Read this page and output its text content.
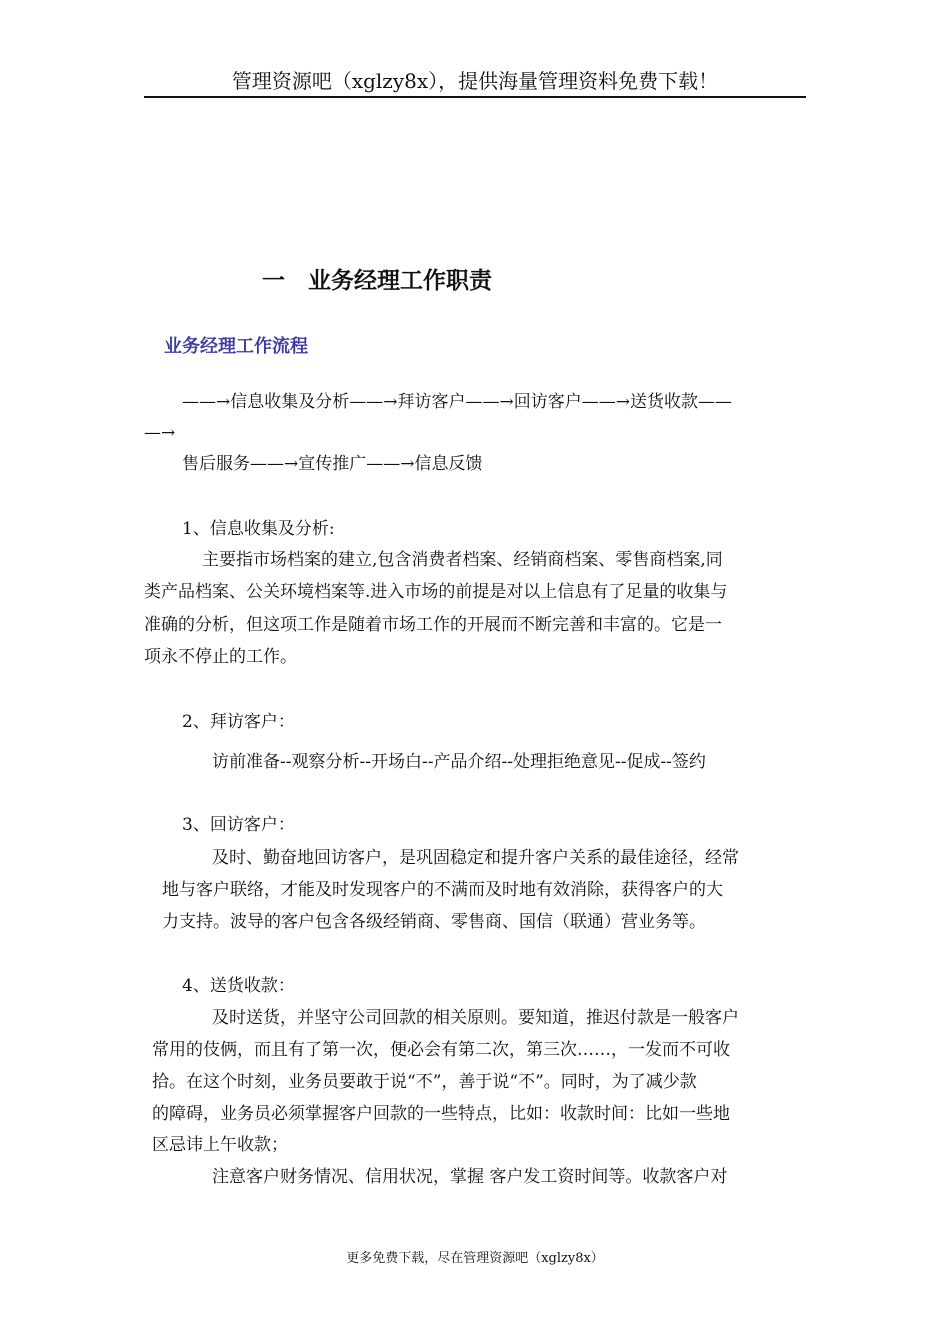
管理资源吧（xglzy8x），提供海量管理资料免费下载！
一　业务经理工作职责
业务经理工作流程
——→信息收集及分析——→拜访客户——→回访客户——→送货收款——
—→
售后服务——→宣传推广——→信息反馈
1、信息收集及分析:
主要指市场档案的建立,包含消费者档案、经销商档案、零售商档案,同
类产品档案、公关环境档案等.进入市场的前提是对以上信息有了足量的收集与
准确的分析，但这项工作是随着市场工作的开展而不断完善和丰富的。它是一
项永不停止的工作。
2、拜访客户：
访前准备--观察分析--开场白--产品介绍--处理拒绝意见--促成--签约
3、回访客户：
及时、勤奋地回访客户，是巩固稳定和提升客户关系的最佳途径，经常
地与客户联络，才能及时发现客户的不满而及时地有效消除，获得客户的大
力支持。波导的客户包含各级经销商、零售商、国信（联通）营业务等。
4、送货收款：
及时送货，并坚守公司回款的相关原则。要知道，推迟付款是一般客户
常用的伎俩，而且有了第一次，便必会有第二次，第三次……，一发而不可收
拾。在这个时刻，业务员要敢于说“不”，善于说“不”。同时，为了减少款
的障碍，业务员必须掌握客户回款的一些特点，比如：收款时间：比如一些地
区忌讳上午收款；
注意客户财务情况、信用状况，掌握 客户发工资时间等。收款客户对
更多免费下载，尽在管理资源吧（xglzy8x）
